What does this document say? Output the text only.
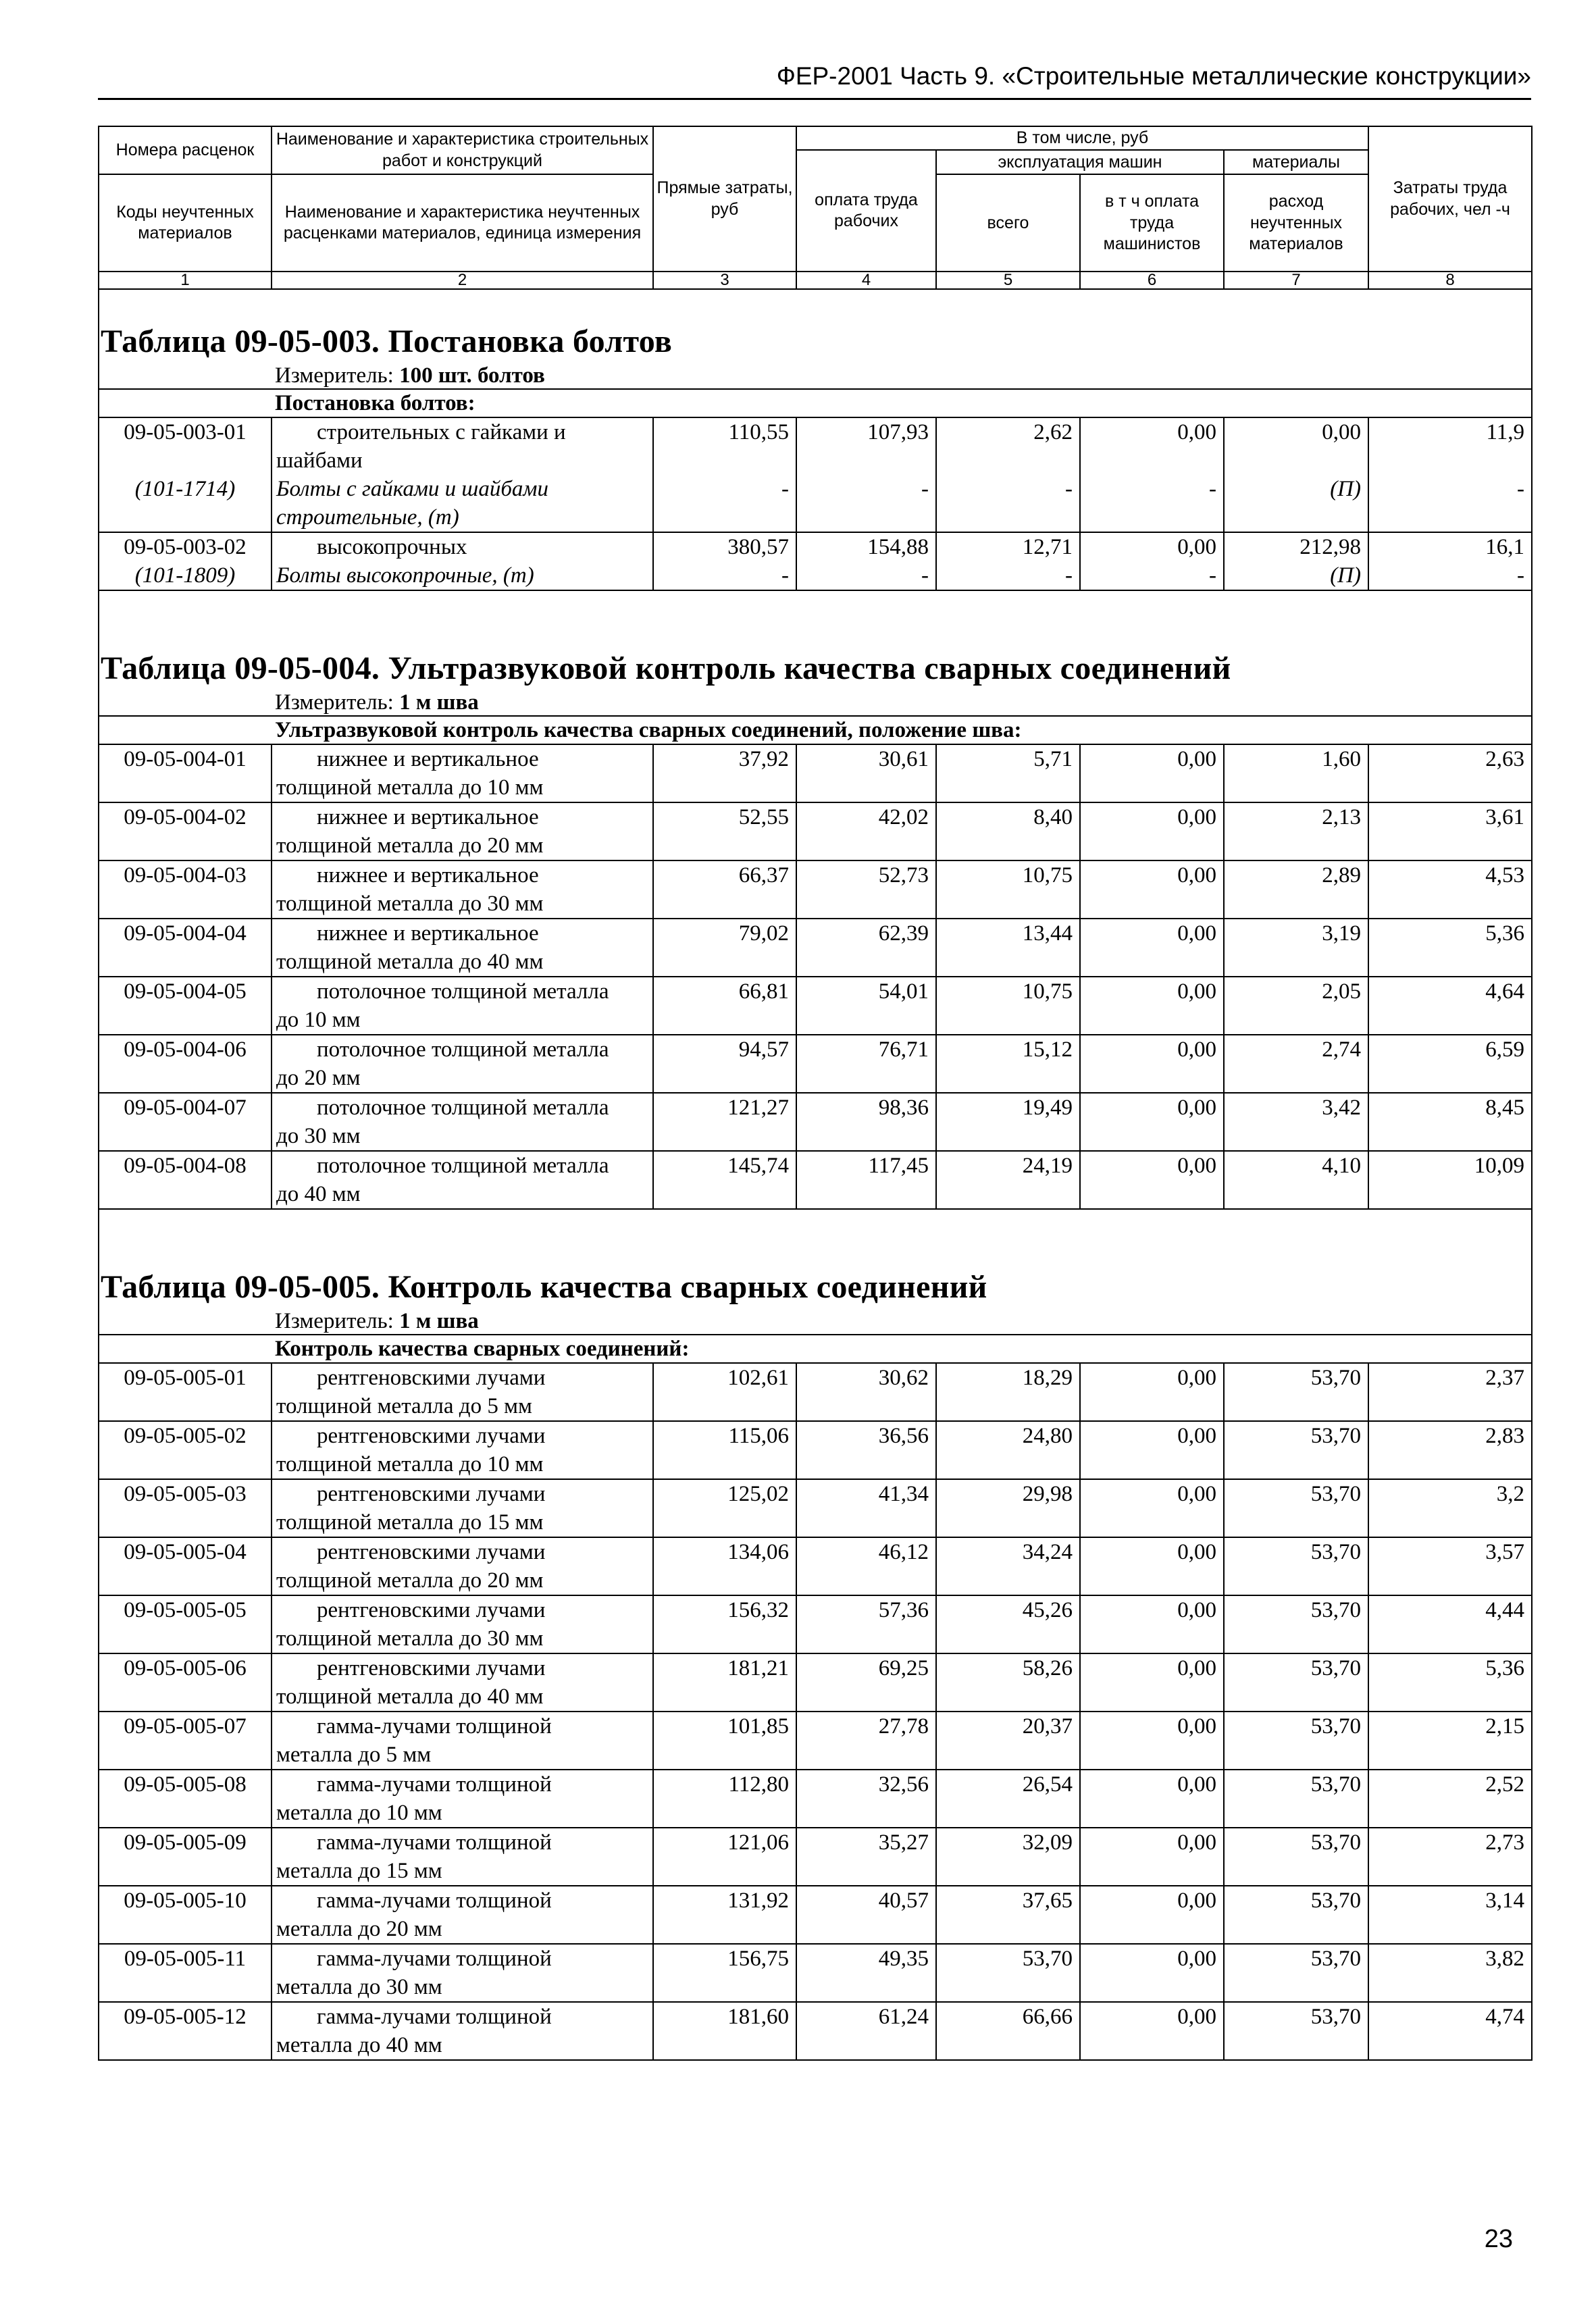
ФЕР-2001 Часть 9. «Строительные металлические конструкции»
Номера расценок	Наименование и характеристика строительных работ и конструкций	Прямые затраты, руб	В том числе, руб				Затраты труда рабочих, чел -ч
			оплата труда рабочих	эксплуатация машин		материалы	
Коды неучтенных материалов	Наименование и характеристика неучтенных расценками материалов, единица измерения			всего	в т ч оплата труда машинистов	расход неучтенных материалов	

1	2	3	4	5	6	7	8

Таблица 09-05-003. Постановка болтов							
Измеритель: 100 шт. болтов							
Постановка болтов:							
09-05-003-01	строительных с гайками и
шайбами	110,55	107,93	2,62	0,00	0,00	11,9
(101-1714)	Болты с гайками и шайбами
строительные, (т)	-	-	-	-	(П)	-
09-05-003-02	высокопрочных	380,57	154,88	12,71	0,00	212,98	16,1
(101-1809)	Болты высокопрочные, (т)	-	-	-	-	(П)	-

Таблица 09-05-004. Ультразвуковой контроль качества сварных соединений							
Измеритель: 1 м шва							
Ультразвуковой контроль качества сварных соединений, положение шва:							
09-05-004-01	нижнее и вертикальное
толщиной металла до 10 мм	37,92	30,61	5,71	0,00	1,60	2,63
09-05-004-02	нижнее и вертикальное
толщиной металла до 20 мм	52,55	42,02	8,40	0,00	2,13	3,61
09-05-004-03	нижнее и вертикальное
толщиной металла до 30 мм	66,37	52,73	10,75	0,00	2,89	4,53
09-05-004-04	нижнее и вертикальное
толщиной металла до 40 мм	79,02	62,39	13,44	0,00	3,19	5,36
09-05-004-05	потолочное толщиной металла
до 10 мм	66,81	54,01	10,75	0,00	2,05	4,64
09-05-004-06	потолочное толщиной металла
до 20 мм	94,57	76,71	15,12	0,00	2,74	6,59
09-05-004-07	потолочное толщиной металла
до 30 мм	121,27	98,36	19,49	0,00	3,42	8,45
09-05-004-08	потолочное толщиной металла
до 40 мм	145,74	117,45	24,19	0,00	4,10	10,09

Таблица 09-05-005. Контроль качества сварных соединений							
Измеритель: 1 м шва							
Контроль качества сварных соединений:							
09-05-005-01	рентгеновскими лучами
толщиной металла до 5 мм	102,61	30,62	18,29	0,00	53,70	2,37
09-05-005-02	рентгеновскими лучами
толщиной металла до 10 мм	115,06	36,56	24,80	0,00	53,70	2,83
09-05-005-03	рентгеновскими лучами
толщиной металла до 15 мм	125,02	41,34	29,98	0,00	53,70	3,2
09-05-005-04	рентгеновскими лучами
толщиной металла до 20 мм	134,06	46,12	34,24	0,00	53,70	3,57
09-05-005-05	рентгеновскими лучами
толщиной металла до 30 мм	156,32	57,36	45,26	0,00	53,70	4,44
09-05-005-06	рентгеновскими лучами
толщиной металла до 40 мм	181,21	69,25	58,26	0,00	53,70	5,36
09-05-005-07	гамма-лучами толщиной
металла до 5 мм	101,85	27,78	20,37	0,00	53,70	2,15
09-05-005-08	гамма-лучами толщиной
металла до 10 мм	112,80	32,56	26,54	0,00	53,70	2,52
09-05-005-09	гамма-лучами толщиной
металла до 15 мм	121,06	35,27	32,09	0,00	53,70	2,73
09-05-005-10	гамма-лучами толщиной
металла до 20 мм	131,92	40,57	37,65	0,00	53,70	3,14
09-05-005-11	гамма-лучами толщиной
металла до 30 мм	156,75	49,35	53,70	0,00	53,70	3,82
09-05-005-12	гамма-лучами толщиной
металла до 40 мм	181,60	61,24	66,66	0,00	53,70	4,74
23
